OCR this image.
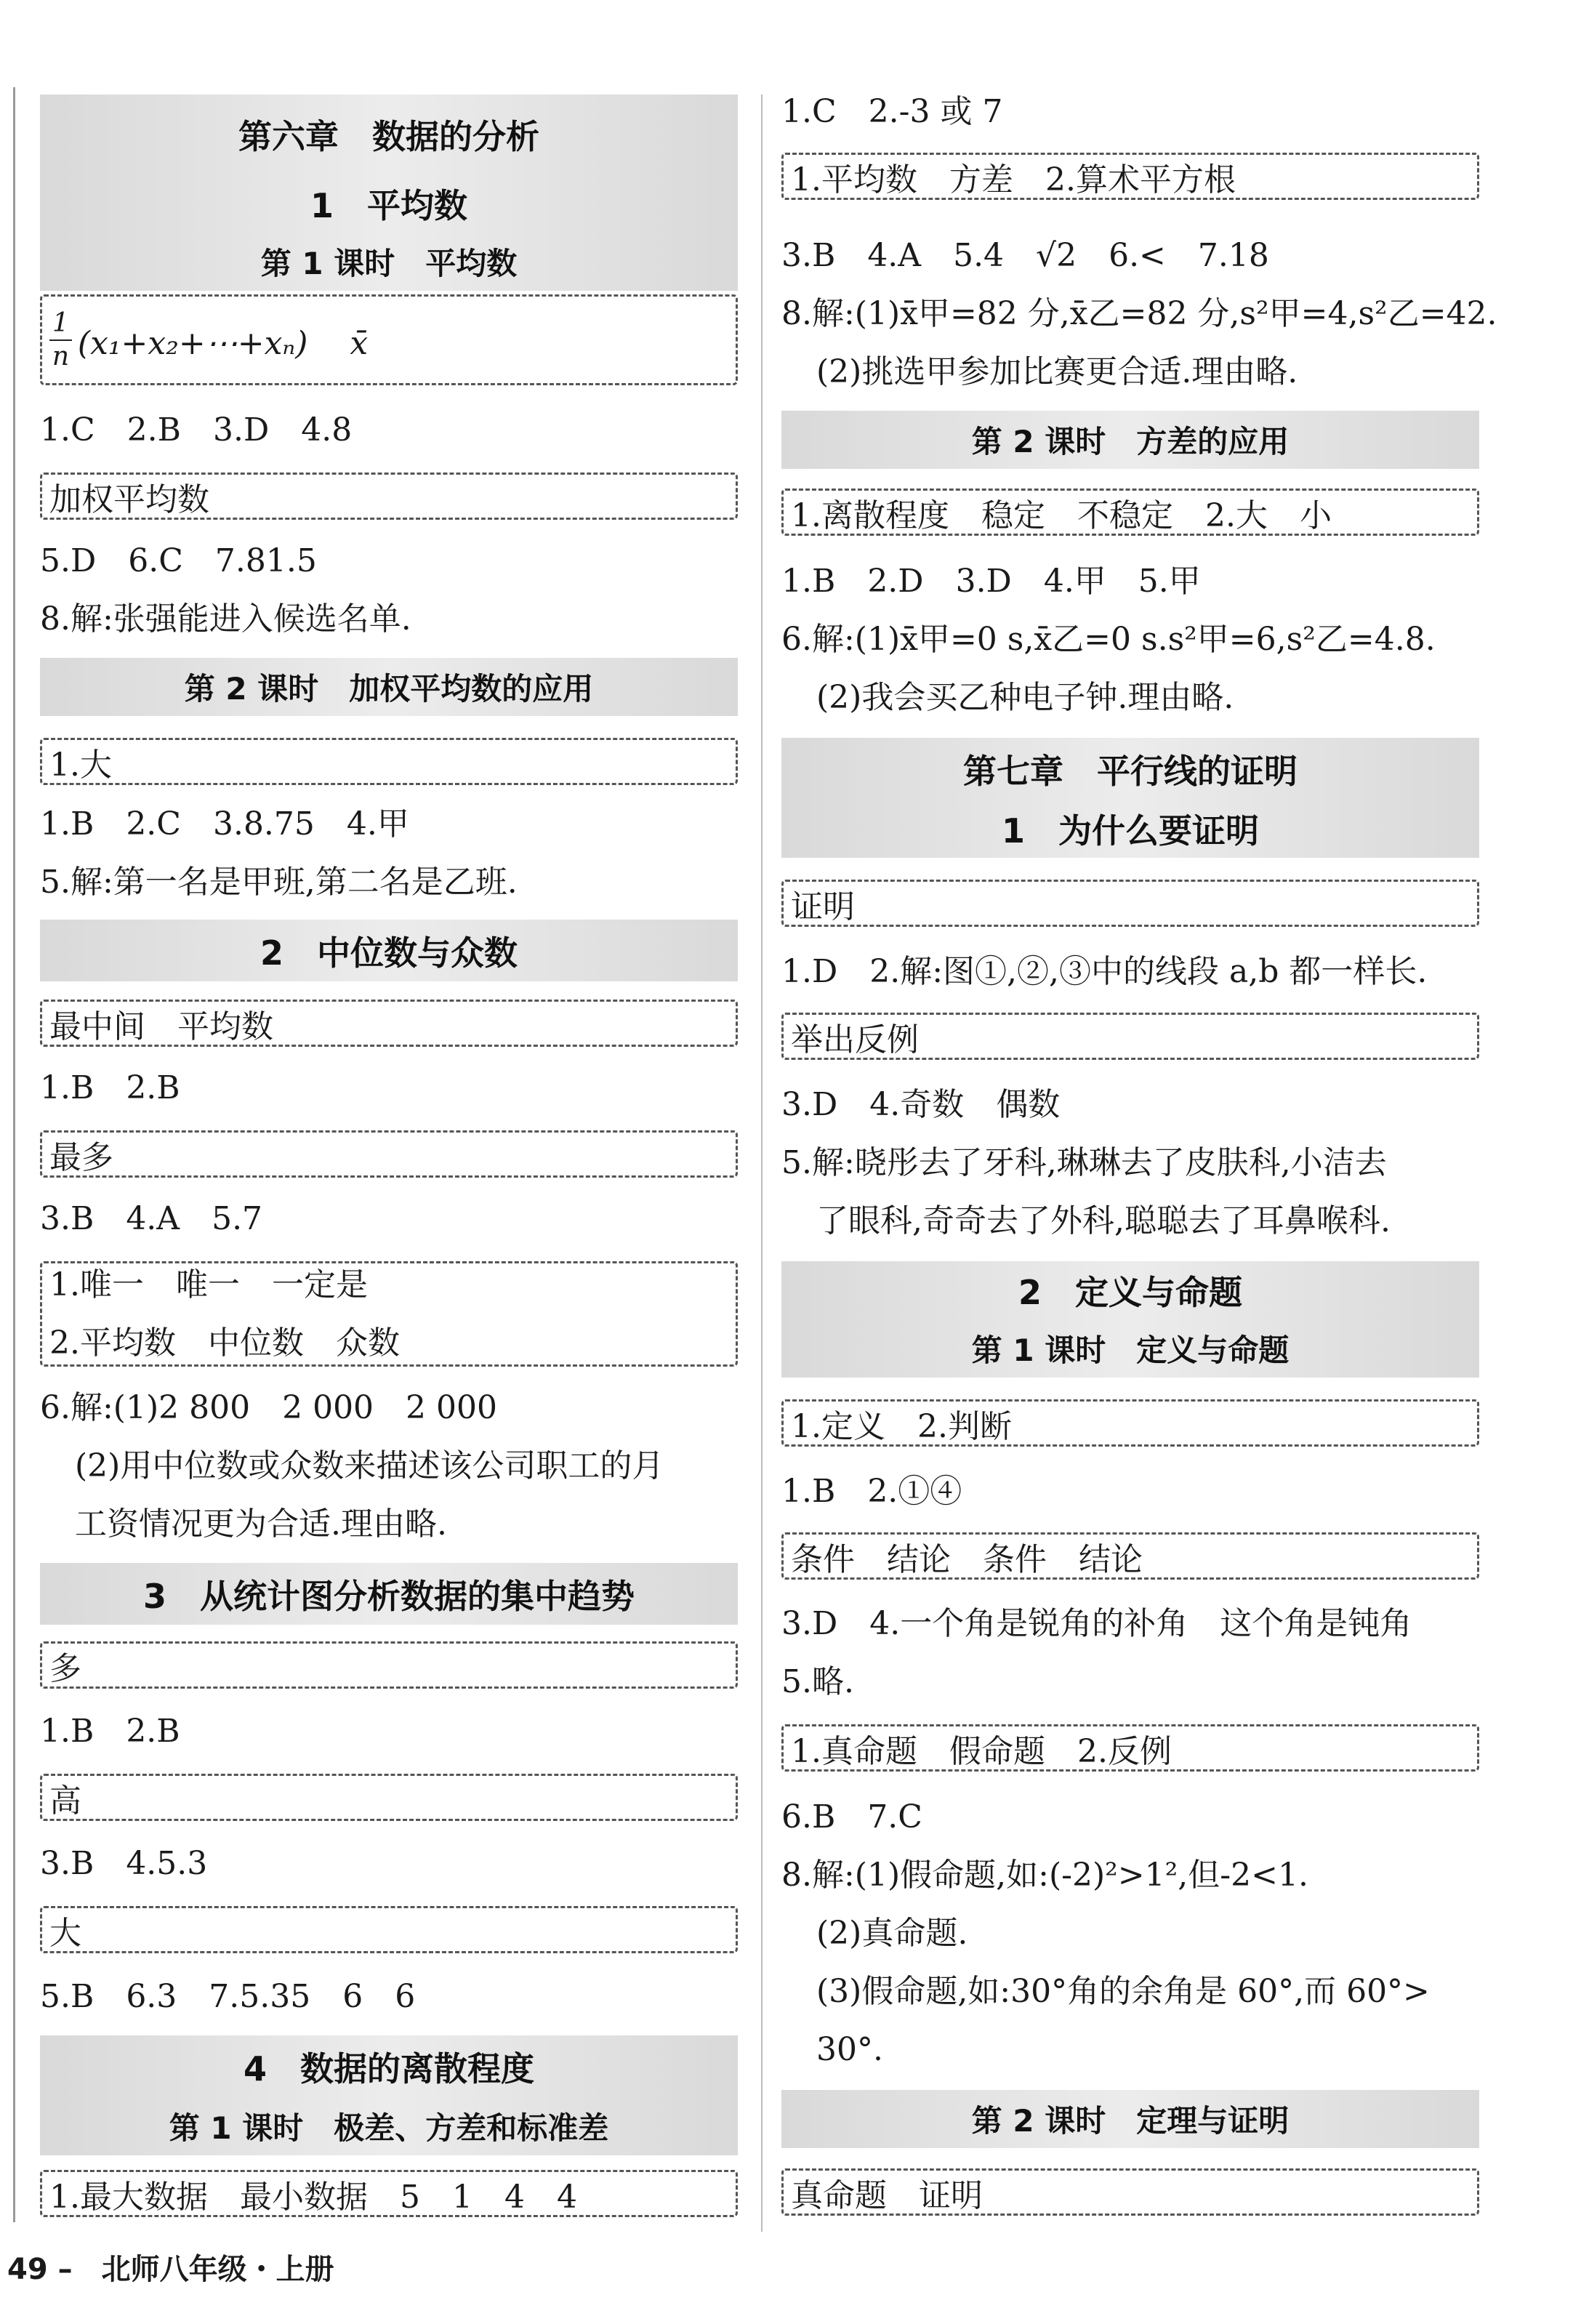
第六章　数据的分析
1　平均数
第 1 课时　平均数
$\frac{1}{n}$ (x₁+x₂+⋯+xₙ)　 x̄
1.C　2.B　3.D　4.8
加权平均数
5.D　6.C　7.81.5
8.解:张强能进入候选名单.
第 2 课时　加权平均数的应用
1.大
1.B　2.C　3.8.75　4.甲
5.解:第一名是甲班,第二名是乙班.
2　中位数与众数
最中间　平均数
1.B　2.B
最多
3.B　4.A　5.7
1.唯一　唯一　一定是
2.平均数　中位数　众数
6.解:(1)2 800　2 000　2 000
(2)用中位数或众数来描述该公司职工的月
工资情况更为合适.理由略.
3　从统计图分析数据的集中趋势
多
1.B　2.B
高
3.B　4.5.3
大
5.B　6.3　7.5.35　6　6
4　数据的离散程度
第 1 课时　极差、方差和标准差
1.最大数据　最小数据　5　1　4　4
1.C　2.-3 或 7
1.平均数　方差　2.算术平方根
3.B　4.A　5.4　√2　6.<　7.18
8.解:(1)x̄甲=82 分,x̄乙=82 分,s²甲=4,s²乙=42.
(2)挑选甲参加比赛更合适.理由略.
第 2 课时　方差的应用
1.离散程度　稳定　不稳定　2.大　小
1.B　2.D　3.D　4.甲　5.甲
6.解:(1)x̄甲=0 s,x̄乙=0 s.s²甲=6,s²乙=4.8.
(2)我会买乙种电子钟.理由略.
第七章　平行线的证明
1　为什么要证明
证明
1.D　2.解:图①,②,③中的线段 a,b 都一样长.
举出反例
3.D　4.奇数　偶数
5.解:晓彤去了牙科,琳琳去了皮肤科,小洁去
了眼科,奇奇去了外科,聪聪去了耳鼻喉科.
2　定义与命题
第 1 课时　定义与命题
1.定义　2.判断
1.B　2.①④
条件　结论　条件　结论
3.D　4.一个角是锐角的补角　这个角是钝角
5.略.
1.真命题　假命题　2.反例
6.B　7.C
8.解:(1)假命题,如:(-2)²>1²,但-2<1.
(2)真命题.
(3)假命题,如:30°角的余角是 60°,而 60°>
30°.
第 2 课时　定理与证明
真命题　证明
49 –　北师八年级・上册
